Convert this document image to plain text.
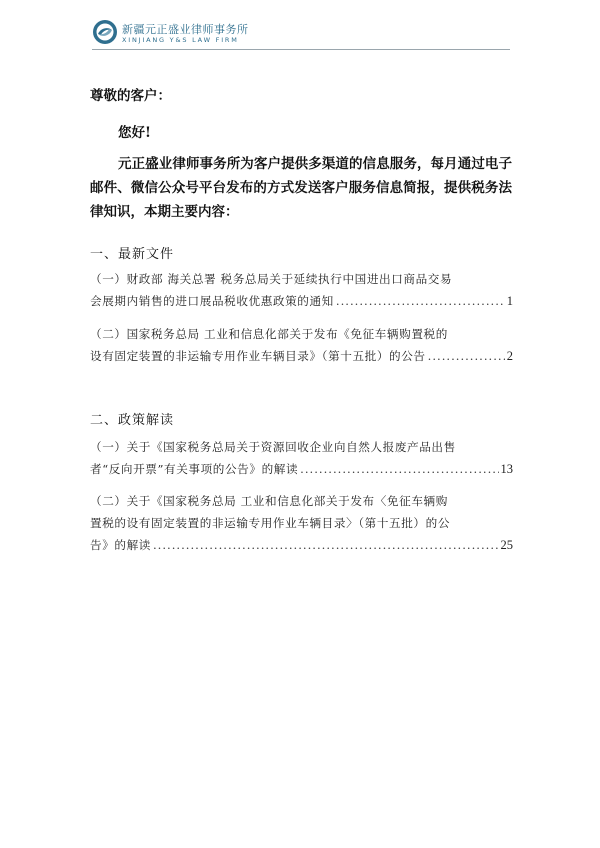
新疆元正盛业律师事务所
XINJIANG Y&S LAW FIRM
尊敬的客户：
您好!
元正盛业律师事务所为客户提供多渠道的信息服务，每月通过电子邮件、微信公众号平台发布的方式发送客户服务信息简报，提供税务法律知识，本期主要内容：
一、最新文件
（一）财政部 海关总署 税务总局关于延续执行中国进出口商品交易
会展期内销售的进口展品税收优惠政策的通知 .....	1
（二）国家税务总局 工业和信息化部关于发布《免征车辆购置税的
设有固定装置的非运输专用作业车辆目录》（第十五批）的公告 .....	2
二、政策解读
（一）关于《国家税务总局关于资源回收企业向自然人报废产品出售
者“反向开票”有关事项的公告》的解读 .....	13
（二）关于《国家税务总局 工业和信息化部关于发布〈免征车辆购
置税的设有固定装置的非运输专用作业车辆目录〉（第十五批）的公
告》的解读 .....	25
